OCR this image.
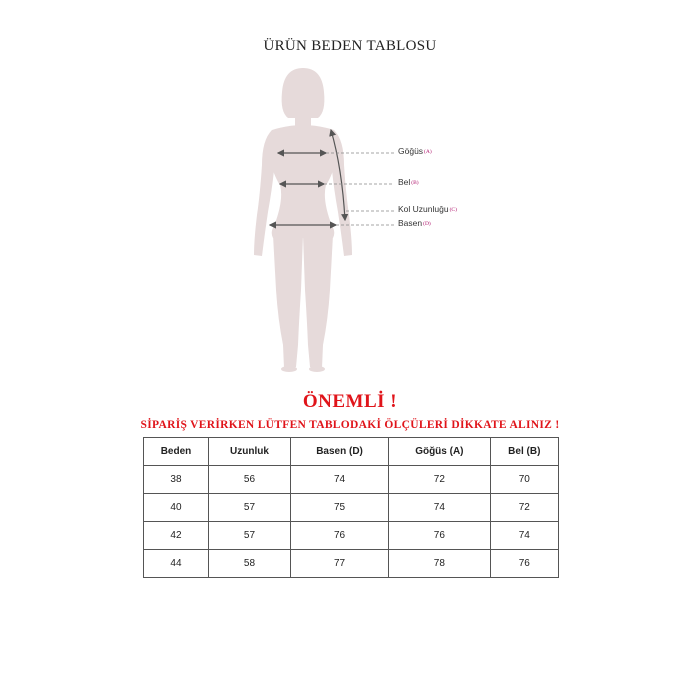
ÜRÜN BEDEN TABLOSU
Göğüs(A)
Bel(B)
Kol Uzunluğu(C)
Basen(D)
ÖNEMLİ !
SİPARİŞ VERİRKEN LÜTFEN TABLODAKİ ÖLÇÜLERİ DİKKATE ALINIZ !
Beden	Uzunluk	Basen (D)	Göğüs (A)	Bel (B)
38	56	74	72	70
40	57	75	74	72
42	57	76	76	74
44	58	77	78	76
